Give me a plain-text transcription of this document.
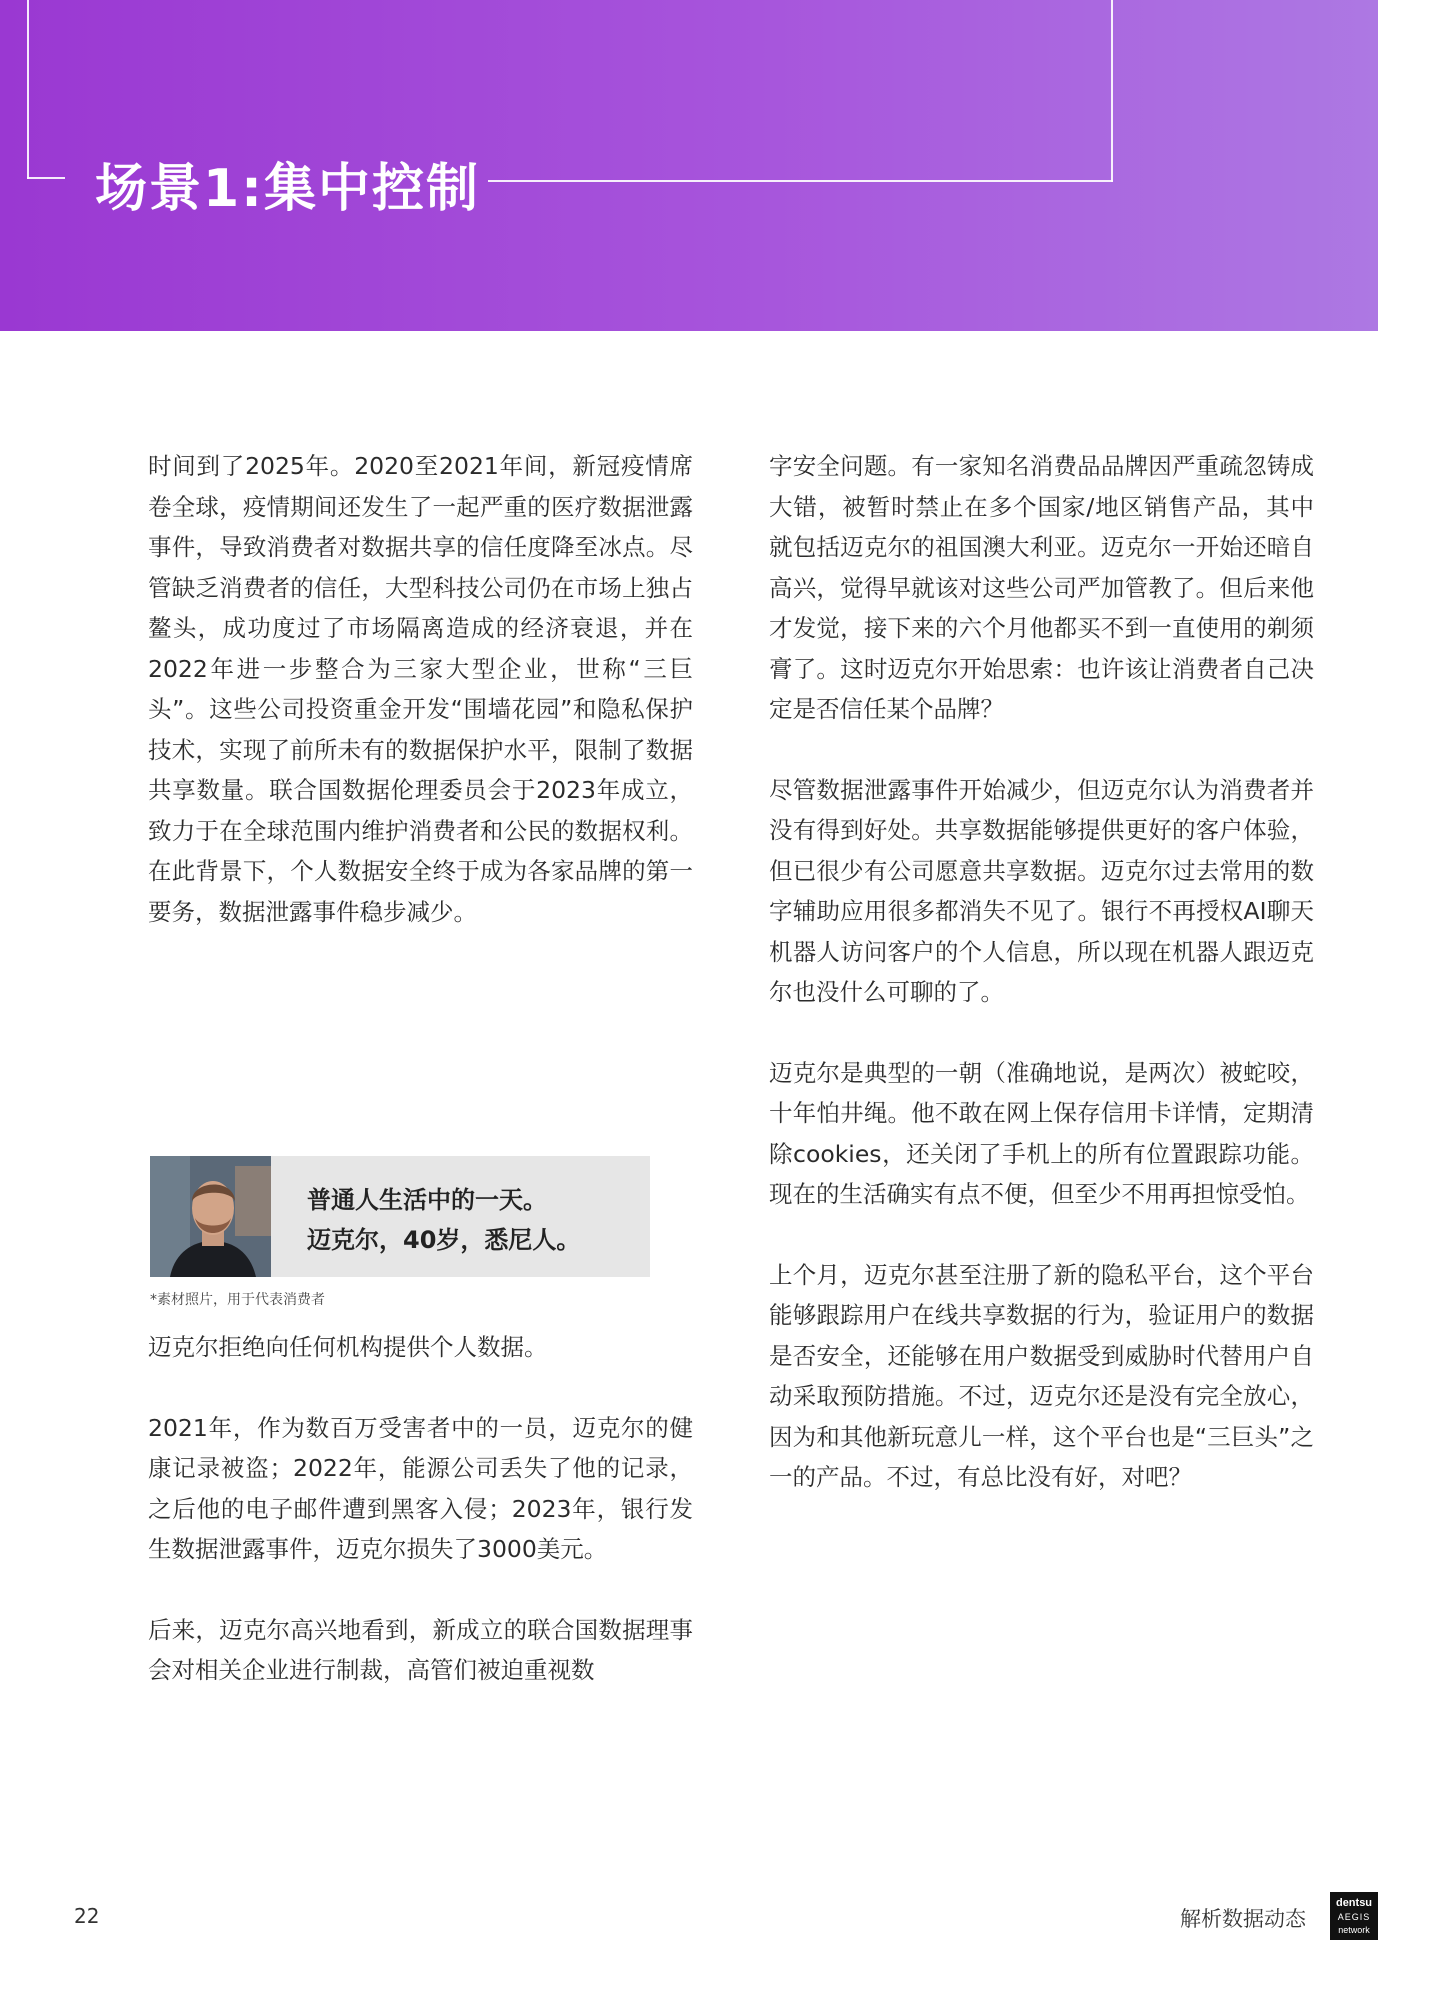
场景1:集中控制

时间到了2025年。2020至2021年间，新冠疫情席卷全球，疫情期间还发生了一起严重的医疗数据泄露事件，导致消费者对数据共享的信任度降至冰点。尽管缺乏消费者的信任，大型科技公司仍在市场上独占鳌头，成功度过了市场隔离造成的经济衰退，并在2022年进一步整合为三家大型企业，世称“三巨头”。这些公司投资重金开发“围墙花园”和隐私保护技术，实现了前所未有的数据保护水平，限制了数据共享数量。联合国数据伦理委员会于2023年成立，致力于在全球范围内维护消费者和公民的数据权利。在此背景下，个人数据安全终于成为各家品牌的第一要务，数据泄露事件稳步减少。

普通人生活中的一天。
迈克尔，40岁，悉尼人。
*素材照片，用于代表消费者

迈克尔拒绝向任何机构提供个人数据。

2021年，作为数百万受害者中的一员，迈克尔的健康记录被盗；2022年，能源公司丢失了他的记录，之后他的电子邮件遭到黑客入侵；2023年，银行发生数据泄露事件，迈克尔损失了3000美元。

后来，迈克尔高兴地看到，新成立的联合国数据理事会对相关企业进行制裁，高管们被迫重视数

字安全问题。有一家知名消费品品牌因严重疏忽铸成大错，被暂时禁止在多个国家/地区销售产品，其中就包括迈克尔的祖国澳大利亚。迈克尔一开始还暗自高兴，觉得早就该对这些公司严加管教了。但后来他才发觉，接下来的六个月他都买不到一直使用的剃须膏了。这时迈克尔开始思索：也许该让消费者自己决定是否信任某个品牌？

尽管数据泄露事件开始减少，但迈克尔认为消费者并没有得到好处。共享数据能够提供更好的客户体验，但已很少有公司愿意共享数据。迈克尔过去常用的数字辅助应用很多都消失不见了。银行不再授权AI聊天机器人访问客户的个人信息，所以现在机器人跟迈克尔也没什么可聊的了。

迈克尔是典型的一朝（准确地说，是两次）被蛇咬，十年怕井绳。他不敢在网上保存信用卡详情，定期清除cookies，还关闭了手机上的所有位置跟踪功能。现在的生活确实有点不便，但至少不用再担惊受怕。

上个月，迈克尔甚至注册了新的隐私平台，这个平台能够跟踪用户在线共享数据的行为，验证用户的数据是否安全，还能够在用户数据受到威胁时代替用户自动采取预防措施。不过，迈克尔还是没有完全放心，因为和其他新玩意儿一样，这个平台也是“三巨头”之一的产品。不过，有总比没有好，对吧？

22	解析数据动态
dentsu
AEGIS
network
